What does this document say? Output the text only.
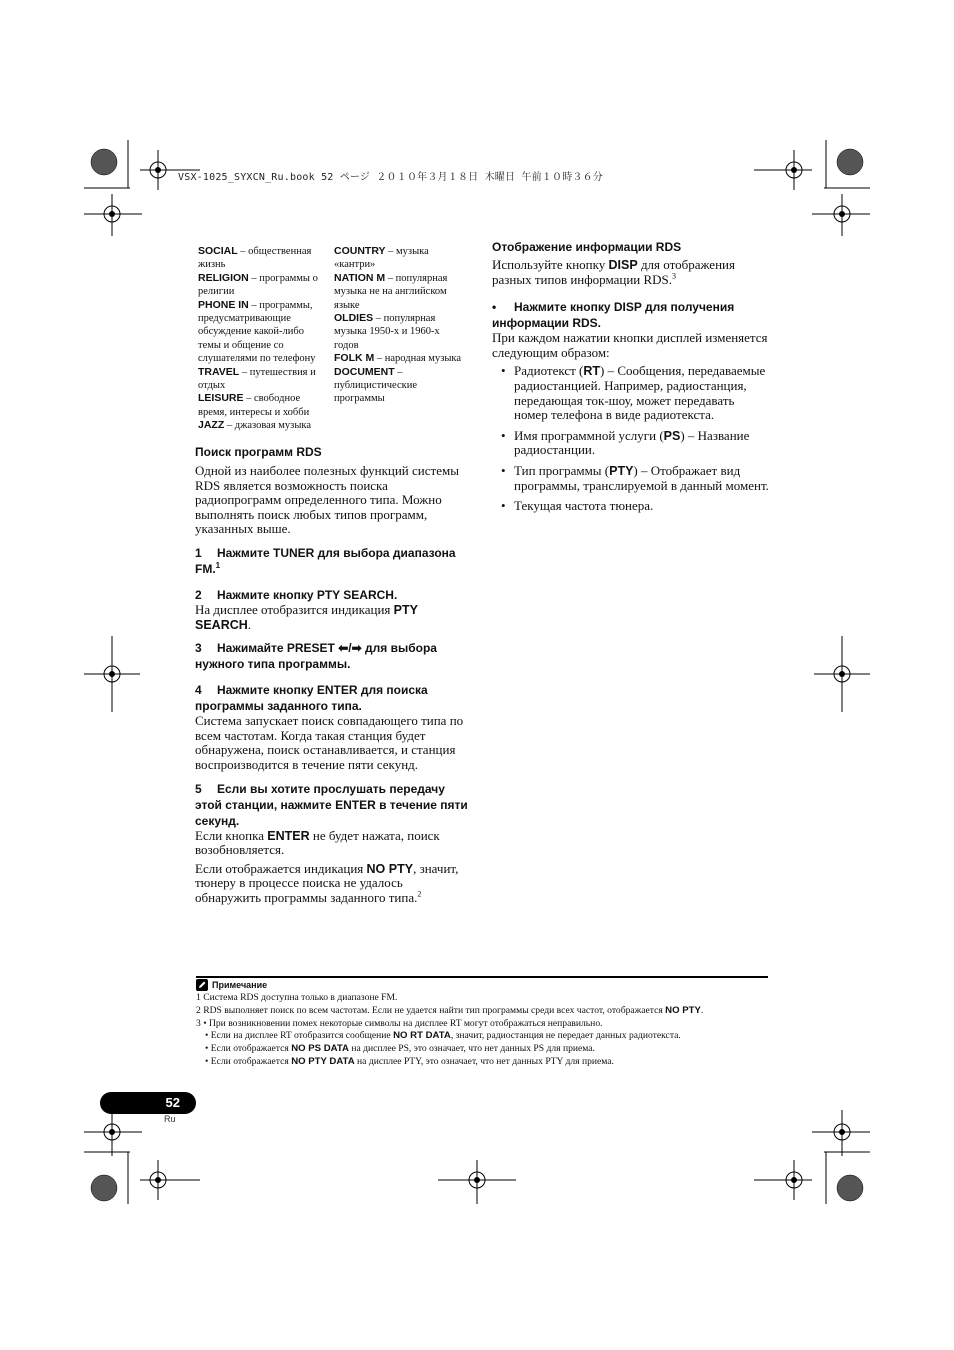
VSX-1025_SYXCN_Ru.book 52 ページ ２０１０年３月１８日 木曜日 午前１０時３６分

SOCIAL – общественная жизнь

RELIGION – программы о религии

PHONE IN – программы, предусматривающие обсуждение какой-либо темы и общение со слушателями по телефону

TRAVEL – путешествия и отдых

LEISURE – свободное время, интересы и хобби

JAZZ – джазовая музыка

COUNTRY – музыка «кантри»

NATION M – популярная музыка не на английском языке

OLDIES – популярная музыка 1950-х и 1960-х годов

FOLK M – народная музыка

DOCUMENT – публицистические программы

Поиск программ RDS

Одной из наиболее полезных функций системы RDS является возможность поиска радиопрограмм определенного типа. Можно выполнять поиск любых типов программ, указанных выше.

1 Нажмите TUNER для выбора диапазона FM.$^1$

2 Нажмите кнопку PTY SEARCH.

На дисплее отобразится индикация PTY SEARCH.

3 Нажимайте PRESET ⬅/➡ для выбора нужного типа программы.

4 Нажмите кнопку ENTER для поиска программы заданного типа.

Система запускает поиск совпадающего типа по всем частотам. Когда такая станция будет обнаружена, поиск останавливается, и станция воспроизводится в течение пяти секунд.

5 Если вы хотите прослушать передачу этой станции, нажмите ENTER в течение пяти секунд.

Если кнопка ENTER не будет нажата, поиск возобновляется.

Если отображается индикация NO PTY, значит, тюнеру в процессе поиска не удалось обнаружить программы заданного типа.$^2$

Отображение информации RDS

Используйте кнопку DISP для отображения разных типов информации RDS.$^3$

• Нажмите кнопку DISP для получения информации RDS.

При каждом нажатии кнопки дисплей изменяется следующим образом:

• Радиотекст (RT) – Сообщения, передаваемые радиостанцией. Например, радиостанция, передающая ток-шоу, может передавать номер телефона в виде радиотекста.
• Имя программной услуги (PS) – Название радиостанции.
• Тип программы (PTY) – Отображает вид программы, транслируемой в данный момент.
• Текущая частота тюнера.
Примечание

1 Система RDS доступна только в диапазоне FM.

2 RDS выполняет поиск по всем частотам. Если не удается найти тип программы среди всех частот, отображается NO PTY.

3 • При возникновении помех некоторые символы на дисплее RT могут отображаться неправильно.

• Если на дисплее RT отобразится сообщение NO RT DATA, значит, радиостанция не передает данных радиотекста.

• Если отображается NO PS DATA на дисплее PS, это означает, что нет данных PS для приема.

• Если отображается NO PTY DATA на дисплее PTY, это означает, что нет данных PTY для приема.

52
Ru
